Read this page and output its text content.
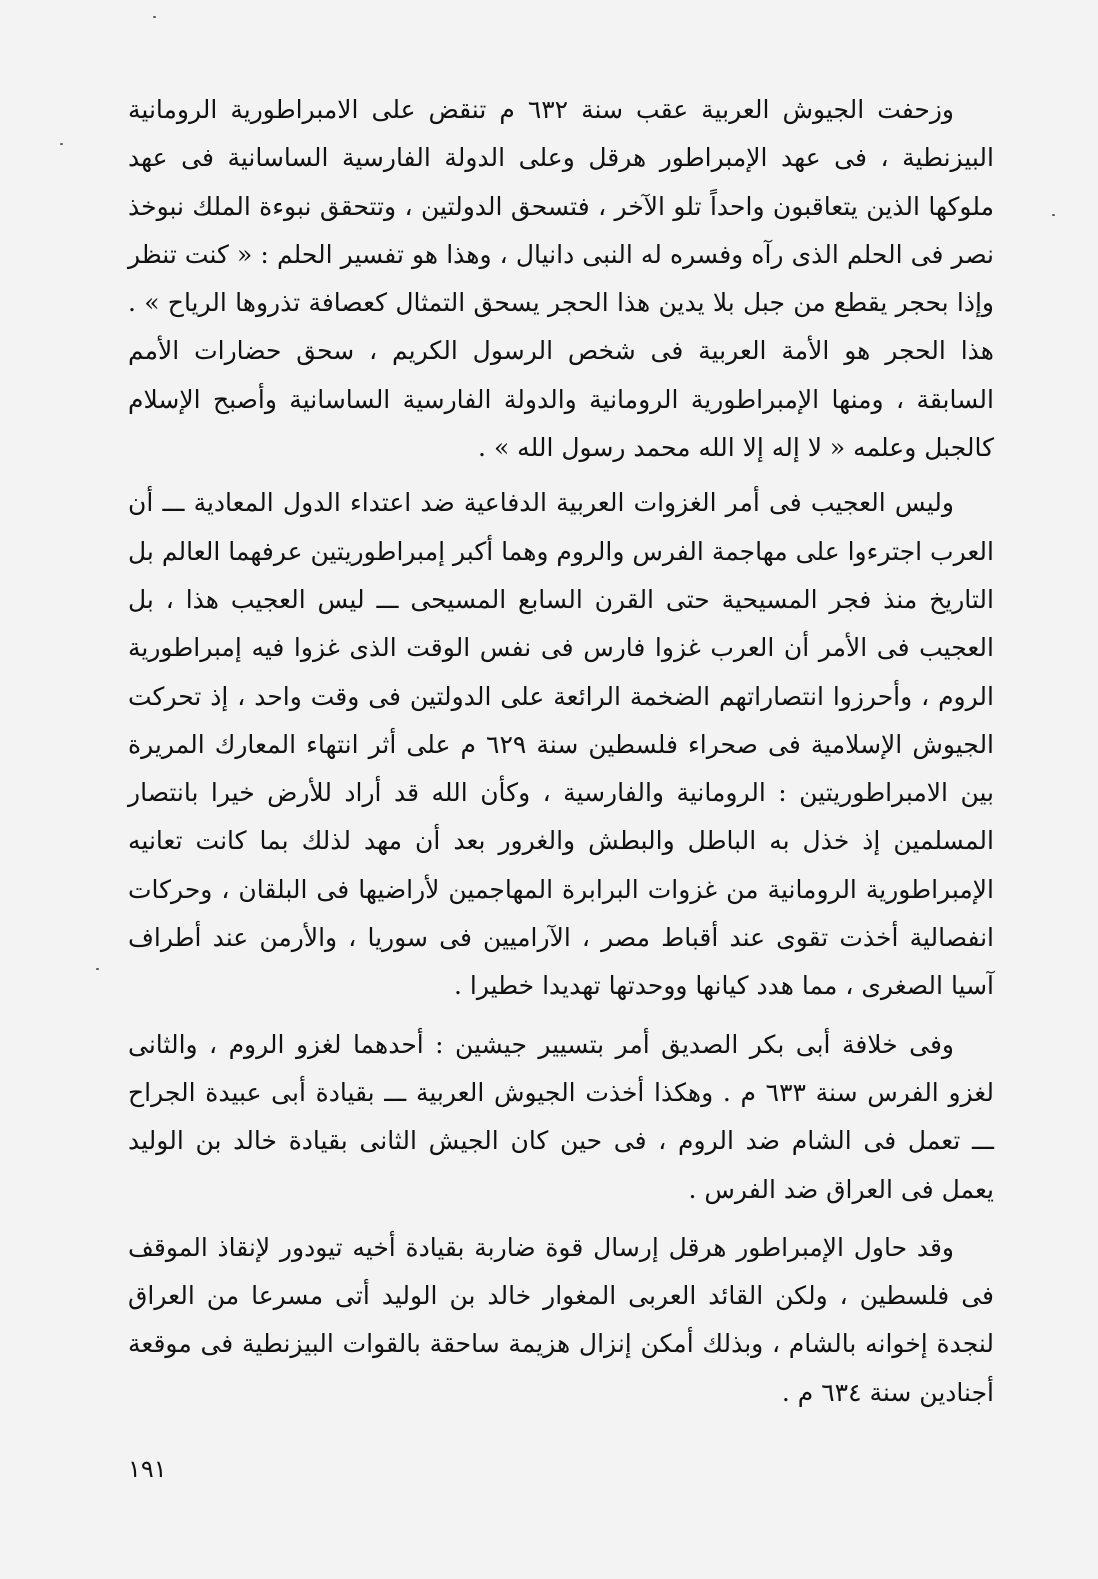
وزحفت الجيوش العربية عقب سنة ٦٣٢ م تنقض على الامبراطورية الرومانية البيزنطية ، فى عهد الإمبراطور هرقل وعلى الدولة الفارسية الساسانية فى عهد ملوكها الذين يتعاقبون واحداً تلو الآخر ، فتسحق الدولتين ، وتتحقق نبوءة الملك نبوخذ نصر فى الحلم الذى رآه وفسره له النبى دانيال ، وهذا هو تفسير الحلم : « كنت تنظر وإذا بحجر يقطع من جبل بلا يدين هذا الحجر يسحق التمثال كعصافة تذروها الرياح » . هذا الحجر هو الأمة العربية فى شخص الرسول الكريم ، سحق حضارات الأمم السابقة ، ومنها الإمبراطورية الرومانية والدولة الفارسية الساسانية وأصبح الإسلام كالجبل وعلمه « لا إله إلا الله محمد رسول الله » .

وليس العجيب فى أمر الغزوات العربية الدفاعية ضد اعتداء الدول المعادية ـــ أن العرب اجترءوا على مهاجمة الفرس والروم وهما أكبر إمبراطوريتين عرفهما العالم بل التاريخ منذ فجر المسيحية حتى القرن السابع المسيحى ـــ ليس العجيب هذا ، بل العجيب فى الأمر أن العرب غزوا فارس فى نفس الوقت الذى غزوا فيه إمبراطورية الروم ، وأحرزوا انتصاراتهم الضخمة الرائعة على الدولتين فى وقت واحد ، إذ تحركت الجيوش الإسلامية فى صحراء فلسطين سنة ٦٢٩ م على أثر انتهاء المعارك المريرة بين الامبراطوريتين : الرومانية والفارسية ، وكأن الله قد أراد للأرض خيرا بانتصار المسلمين إذ خذل به الباطل والبطش والغرور بعد أن مهد لذلك بما كانت تعانيه الإمبراطورية الرومانية من غزوات البرابرة المهاجمين لأراضيها فى البلقان ، وحركات انفصالية أخذت تقوى عند أقباط مصر ، الآراميين فى سوريا ، والأرمن عند أطراف آسيا الصغرى ، مما هدد كيانها ووحدتها تهديدا خطيرا .

وفى خلافة أبى بكر الصديق أمر بتسيير جيشين : أحدهما لغزو الروم ، والثانى لغزو الفرس سنة ٦٣٣ م . وهكذا أخذت الجيوش العربية ـــ بقيادة أبى عبيدة الجراح ـــ تعمل فى الشام ضد الروم ، فى حين كان الجيش الثانى بقيادة خالد بن الوليد يعمل فى العراق ضد الفرس .

وقد حاول الإمبراطور هرقل إرسال قوة ضاربة بقيادة أخيه تيودور لإنقاذ الموقف فى فلسطين ، ولكن القائد العربى المغوار خالد بن الوليد أتى مسرعا من العراق لنجدة إخوانه بالشام ، وبذلك أمكن إنزال هزيمة ساحقة بالقوات البيزنطية فى موقعة أجنادين سنة ٦٣٤ م .

١٩١
